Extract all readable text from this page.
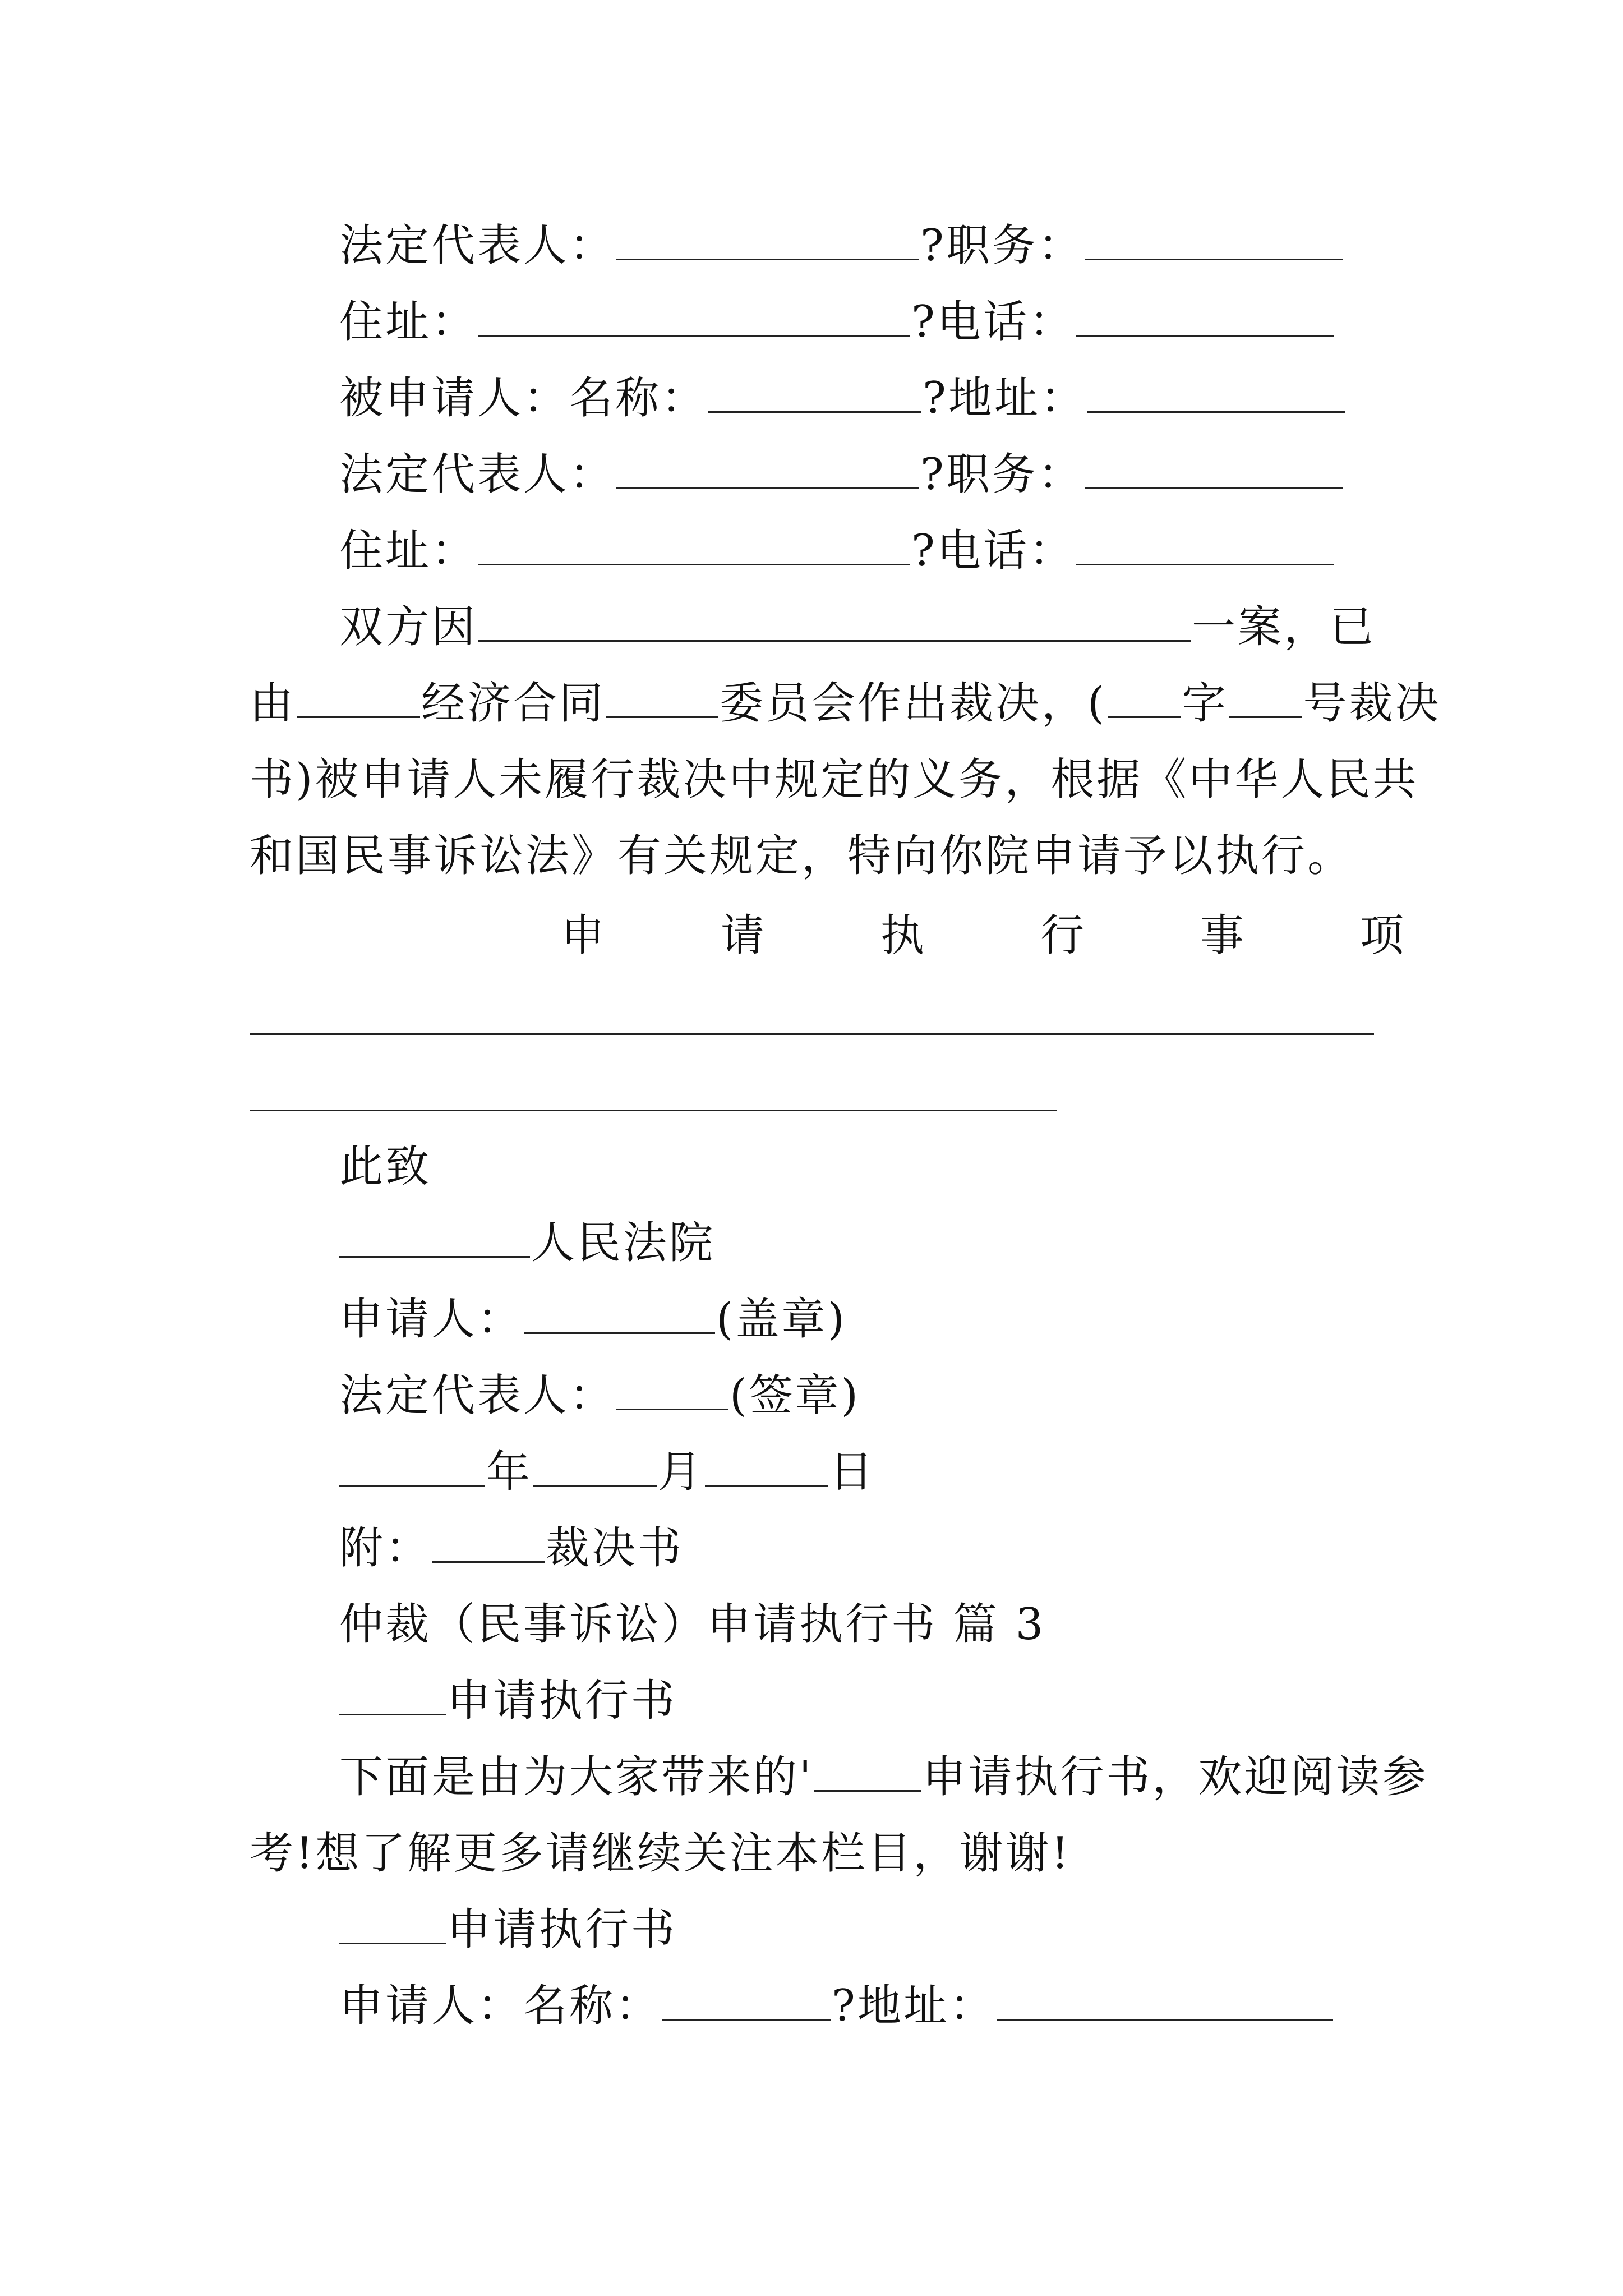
法定代表人：	?职务：
住址：	?电话：
被申请人：名称：	?地址：
法定代表人：	?职务：
住址：	?电话：
双方因	一案，已
由	经济合同	委员会作出裁决，( 字 号裁决
书)被申请人未履行裁决中规定的义务，根据《中华人民共
和国民事诉讼法》有关规定，特向你院申请予以执行。
申	请	执	行	事	项
此致
人民法院
申请人：	(盖章)
法定代表人：	(签章)
年	月	日
附：	裁决书
仲裁（民事诉讼）申请执行书 篇 3
申请执行书
下面是由为大家带来的' 申请执行书，欢迎阅读参
考!想了解更多请继续关注本栏目，谢谢!
申请执行书
申请人：名称：	?地址：
